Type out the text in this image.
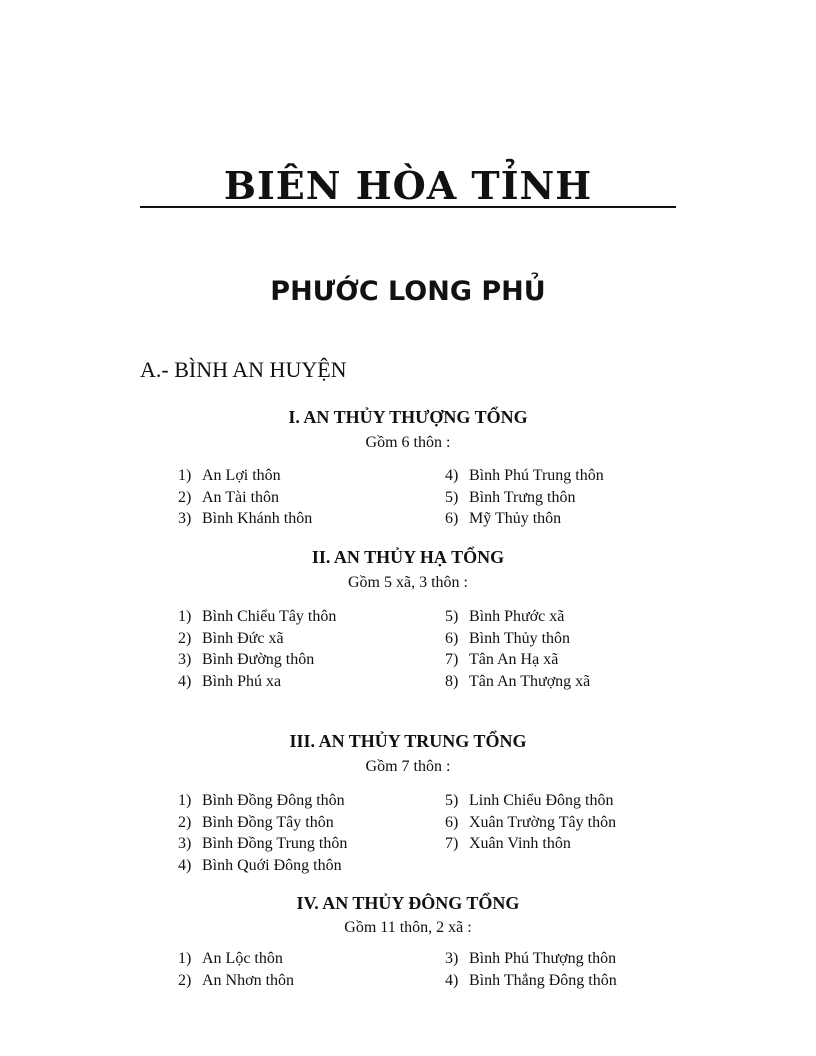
BIÊN HÒA TỈNH
PHƯỚC LONG PHỦ
A.- BÌNH AN HUYỆN
I. AN THỦY THƯỢNG TỔNG
Gồm 6 thôn :
1) An Lợi thôn
2) An Tài thôn
3) Bình Khánh thôn
4) Bình Phú Trung thôn
5) Bình Trưng thôn
6) Mỹ Thủy thôn
II. AN THỦY HẠ TỔNG
Gồm 5 xã, 3 thôn :
1) Bình Chiểu Tây thôn
2) Bình Đức xã
3) Bình Đường thôn
4) Bình Phú xa
5) Bình Phước xã
6) Bình Thủy thôn
7) Tân An Hạ xã
8) Tân An Thượng xã
III. AN THỦY TRUNG TỔNG
Gồm 7 thôn :
1) Bình Đồng Đông thôn
2) Bình Đồng Tây thôn
3) Bình Đồng Trung thôn
4) Bình Quới Đông thôn
5) Linh Chiểu Đông thôn
6) Xuân Trường Tây thôn
7) Xuân Vinh thôn
IV. AN THỦY ĐÔNG TỔNG
Gồm 11 thôn, 2 xã :
1) An Lộc thôn
2) An Nhơn thôn
3) Bình Phú Thượng thôn
4) Bình Thắng Đông thôn
